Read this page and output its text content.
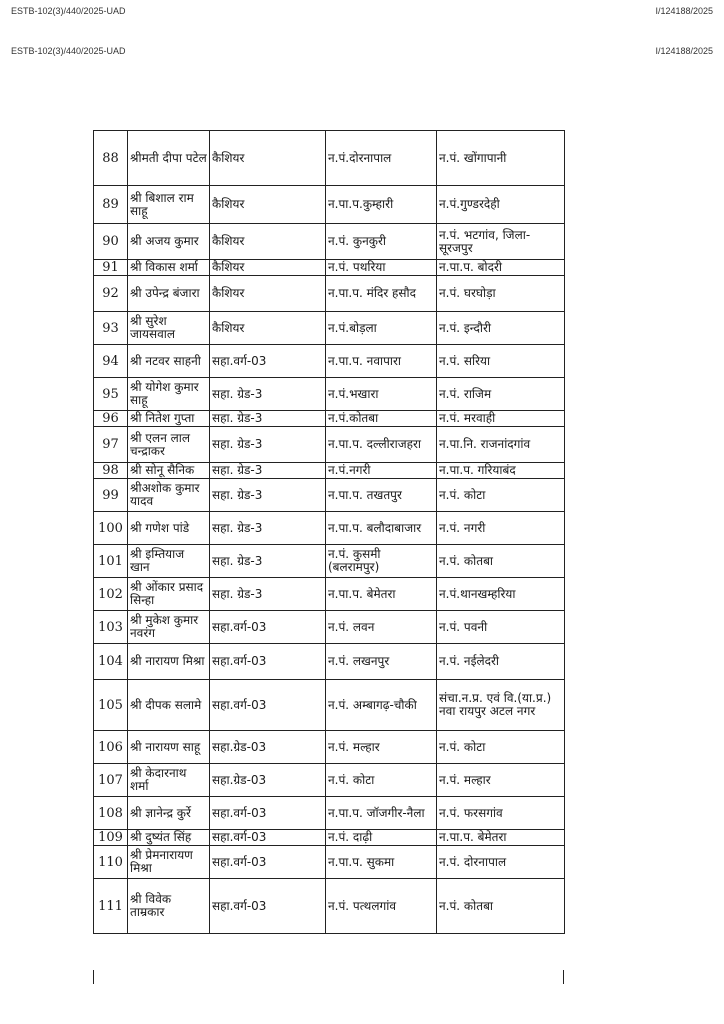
ESTB-102(3)/440/2025-UAD	I/124188/2025
ESTB-102(3)/440/2025-UAD	I/124188/2025
88	श्रीमती दीपा पटेल	कैशियर	न.पं.दोरनापाल	न.पं. खोंगापानी
89	श्री बिशाल राम साहू	कैशियर	न.पा.प.कुम्हारी	न.पं.गुण्डरदेही
90	श्री अजय कुमार	कैशियर	न.पं. कुनकुरी	न.पं. भटगांव, जिला-सूरजपुर
91	श्री विकास शर्मा	कैशियर	न.पं. पथरिया	न.पा.प. बोदरी
92	श्री उपेन्द्र बंजारा	कैशियर	न.पा.प. मंदिर हसौद	न.पं. घरघोड़ा
93	श्री सुरेश जायसवाल	कैशियर	न.पं.बोड़ला	न.पं. इन्दौरी
94	श्री नटवर साहनी	सहा.वर्ग-03	न.पा.प. नवापारा	न.पं. सरिया
95	श्री योगेश कुमार साहू	सहा. ग्रेड-3	न.पं.भखारा	न.पं. राजिम
96	श्री नितेश गुप्ता	सहा. ग्रेड-3	न.पं.कोतबा	न.पं. मरवाही
97	श्री एलन लाल चन्द्राकर	सहा. ग्रेड-3	न.पा.प. दल्लीराजहरा	न.पा.नि. राजनांदगांव
98	श्री सोनू सैनिक	सहा. ग्रेड-3	न.पं.नगरी	न.पा.प. गरियाबंद
99	श्रीअशोक कुमार यादव	सहा. ग्रेड-3	न.पा.प. तखतपुर	न.पं. कोटा
100	श्री गणेश पांडे	सहा. ग्रेड-3	न.पा.प. बलौदाबाजार	न.पं. नगरी
101	श्री इम्तियाज खान	सहा. ग्रेड-3	न.पं. कुसमी (बलरामपुर)	न.पं. कोतबा
102	श्री ओंकार प्रसाद सिन्हा	सहा. ग्रेड-3	न.पा.प. बेमेतरा	न.पं.थानखम्हरिया
103	श्री मुकेश कुमार नवरंग	सहा.वर्ग-03	न.पं. लवन	न.पं. पवनी
104	श्री नारायण मिश्रा	सहा.वर्ग-03	न.पं. लखनपुर	न.पं. नईलेदरी
105	श्री दीपक सलामे	सहा.वर्ग-03	न.पं. अम्बागढ़-चौकी	संचा.न.प्र. एवं वि.(या.प्र.) नवा रायपुर अटल नगर
106	श्री नारायण साहू	सहा.ग्रेड-03	न.पं. मल्हार	न.पं. कोटा
107	श्री केदारनाथ शर्मा	सहा.ग्रेड-03	न.पं. कोटा	न.पं. मल्हार
108	श्री ज्ञानेन्द्र कुर्रे	सहा.वर्ग-03	न.पा.प. जॉजगीर-नैला	न.पं. फरसगांव
109	श्री दुष्यंत सिंह	सहा.वर्ग-03	न.पं. दाढ़ी	न.पा.प. बेमेतरा
110	श्री प्रेमनारायण मिश्रा	सहा.वर्ग-03	न.पा.प. सुकमा	न.पं. दोरनापाल
111	श्री विवेक ताम्रकार	सहा.वर्ग-03	न.पं. पत्थलगांव	न.पं. कोतबा
